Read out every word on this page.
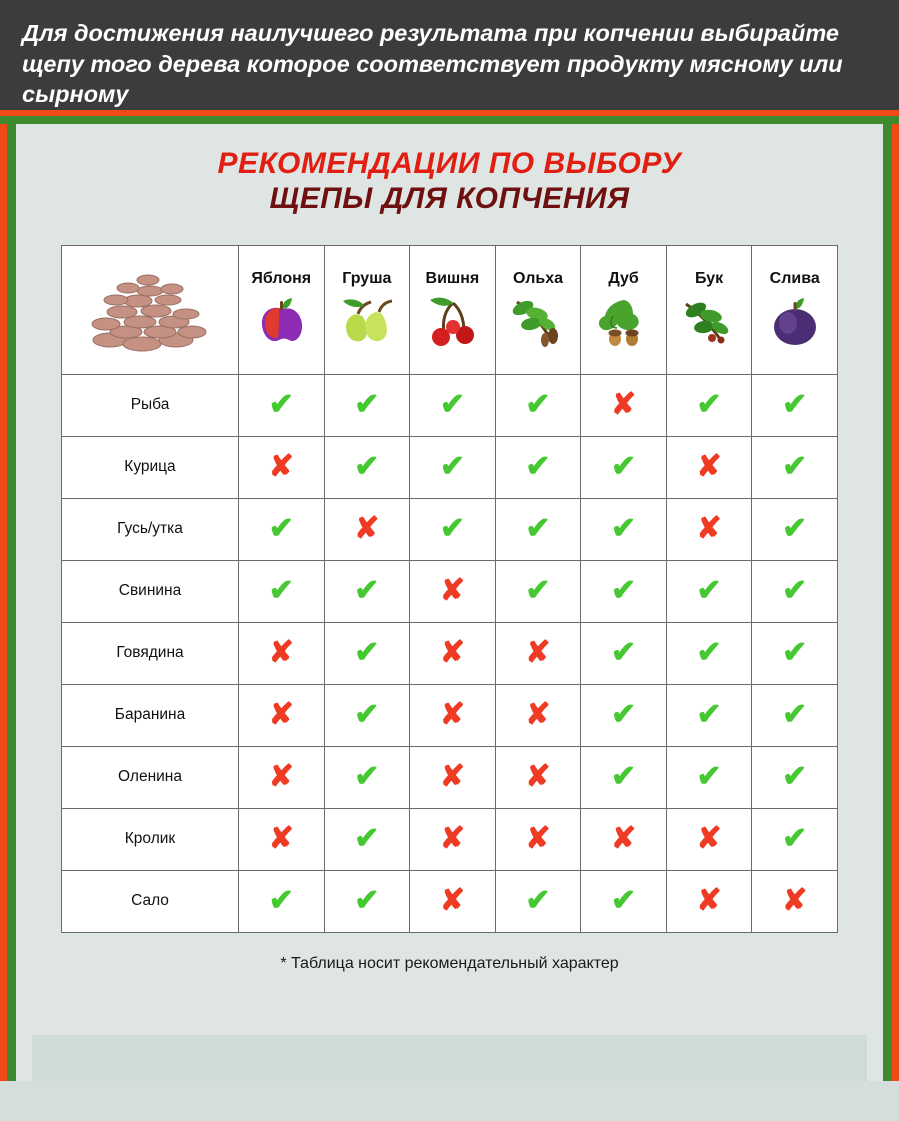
Для достижения наилучшего результата при копчении выбирайте щепу того дерева которое соответствует продукту мясному или сырному
РЕКОМЕНДАЦИИ ПО ВЫБОРУ
ЩЕПЫ ДЛЯ КОПЧЕНИЯ

Яблоня	Груша	Вишня	Ольха	Дуб	Бук	Слива

Рыба	✔	✔	✔	✔	✘	✔	✔
Курица	✘	✔	✔	✔	✔	✘	✔
Гусь/утка	✔	✘	✔	✔	✔	✘	✔
Свинина	✔	✔	✘	✔	✔	✔	✔
Говядина	✘	✔	✘	✘	✔	✔	✔
Баранина	✘	✔	✘	✘	✔	✔	✔
Оленина	✘	✔	✘	✘	✔	✔	✔
Кролик	✘	✔	✘	✘	✘	✘	✔
Сало	✔	✔	✘	✔	✔	✘	✘
* Таблица носит рекомендательный характер
